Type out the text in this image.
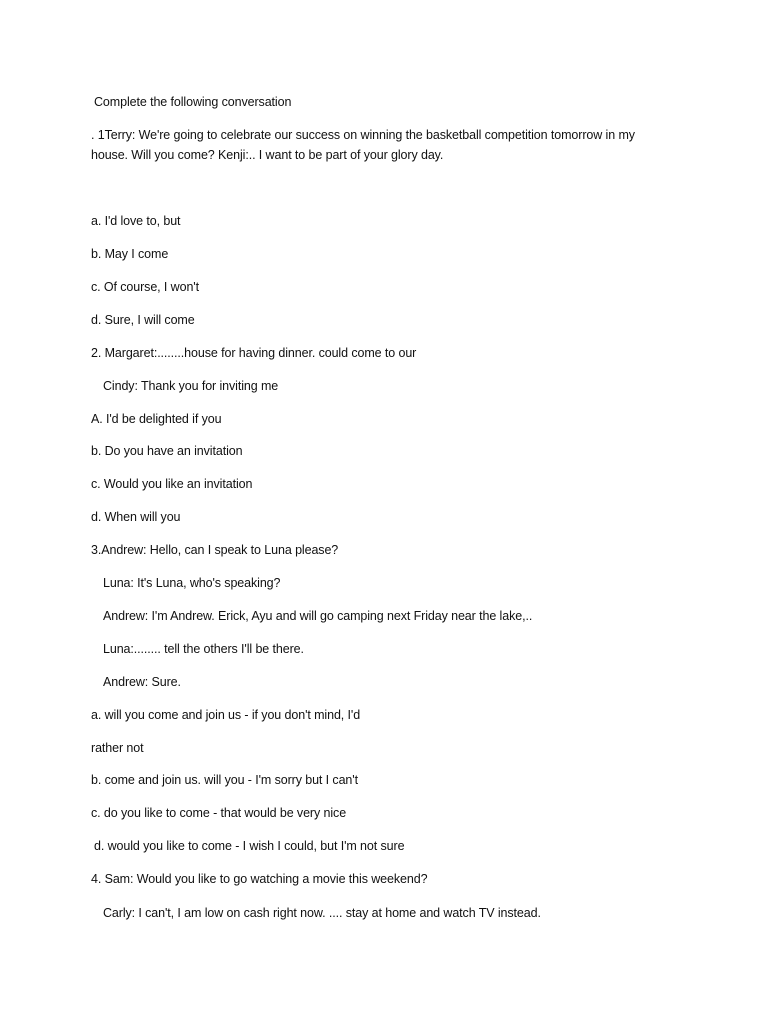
Complete the following conversation
. 1Terry: We're going to celebrate our success on winning the basketball competition tomorrow in my
house. Will you come? Kenji:.. I want to be part of your glory day.
a. I'd love to, but
b. May I come
c. Of course, I won't
d. Sure, I will come
2. Margaret:........house for having dinner. could come to our
Cindy: Thank you for inviting me
A. I'd be delighted if you
b. Do you have an invitation
c. Would you like an invitation
d. When will you
3.Andrew: Hello, can I speak to Luna please?
Luna: It's Luna, who's speaking?
Andrew: I'm Andrew. Erick, Ayu and will go camping next Friday near the lake,..
Luna:........ tell the others I'll be there.
Andrew: Sure.
a. will you come and join us - if you don't mind, I'd
rather not
b. come and join us. will you - I'm sorry but I can't
c. do you like to come - that would be very nice
d. would you like to come - I wish I could, but I'm not sure
4. Sam: Would you like to go watching a movie this weekend?
Carly: I can't, I am low on cash right now. .... stay at home and watch TV instead.
